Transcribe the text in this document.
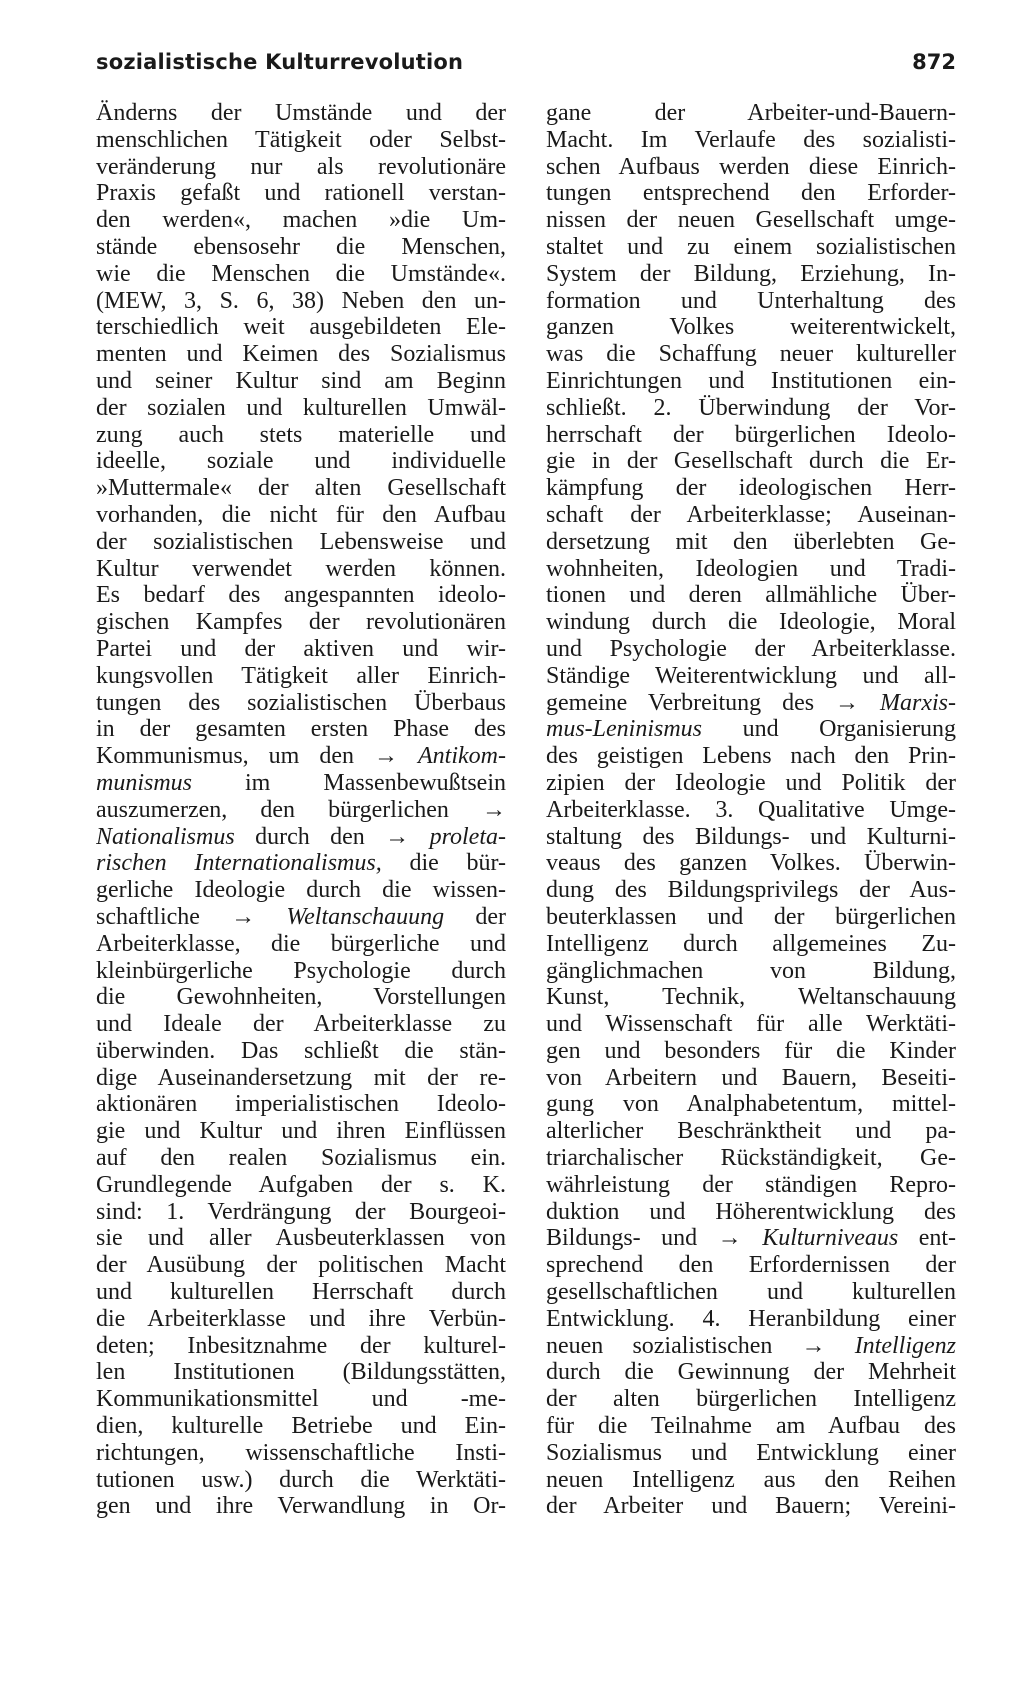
sozialistische Kulturrevolution	872
Änderns der Umstände und der
menschlichen Tätigkeit oder Selbst-
veränderung nur als revolutionäre
Praxis gefaßt und rationell verstan-
den werden«, machen »die Um-
stände ebensosehr die Menschen,
wie die Menschen die Umstände«.
(MEW, 3, S. 6, 38) Neben den un-
terschiedlich weit ausgebildeten Ele-
menten und Keimen des Sozialismus
und seiner Kultur sind am Beginn
der sozialen und kulturellen Umwäl-
zung auch stets materielle und
ideelle, soziale und individuelle
»Muttermale« der alten Gesellschaft
vorhanden, die nicht für den Aufbau
der sozialistischen Lebensweise und
Kultur verwendet werden können.
Es bedarf des angespannten ideolo-
gischen Kampfes der revolutionären
Partei und der aktiven und wir-
kungsvollen Tätigkeit aller Einrich-
tungen des sozialistischen Überbaus
in der gesamten ersten Phase des
Kommunismus, um den → Antikom-
munismus im Massenbewußtsein
auszumerzen, den bürgerlichen →
Nationalismus durch den → proleta-
rischen Internationalismus, die bür-
gerliche Ideologie durch die wissen-
schaftliche → Weltanschauung der
Arbeiterklasse, die bürgerliche und
kleinbürgerliche Psychologie durch
die Gewohnheiten, Vorstellungen
und Ideale der Arbeiterklasse zu
überwinden. Das schließt die stän-
dige Auseinandersetzung mit der re-
aktionären imperialistischen Ideolo-
gie und Kultur und ihren Einflüssen
auf den realen Sozialismus ein.
Grundlegende Aufgaben der s. K.
sind: 1. Verdrängung der Bourgeoi-
sie und aller Ausbeuterklassen von
der Ausübung der politischen Macht
und kulturellen Herrschaft durch
die Arbeiterklasse und ihre Verbün-
deten; Inbesitznahme der kulturel-
len Institutionen (Bildungsstätten,
Kommunikationsmittel und -me-
dien, kulturelle Betriebe und Ein-
richtungen, wissenschaftliche Insti-
tutionen usw.) durch die Werktäti-
gen und ihre Verwandlung in Or-
gane der Arbeiter-und-Bauern-
Macht. Im Verlaufe des sozialisti-
schen Aufbaus werden diese Einrich-
tungen entsprechend den Erforder-
nissen der neuen Gesellschaft umge-
staltet und zu einem sozialistischen
System der Bildung, Erziehung, In-
formation und Unterhaltung des
ganzen Volkes weiterentwickelt,
was die Schaffung neuer kultureller
Einrichtungen und Institutionen ein-
schließt. 2. Überwindung der Vor-
herrschaft der bürgerlichen Ideolo-
gie in der Gesellschaft durch die Er-
kämpfung der ideologischen Herr-
schaft der Arbeiterklasse; Auseinan-
dersetzung mit den überlebten Ge-
wohnheiten, Ideologien und Tradi-
tionen und deren allmähliche Über-
windung durch die Ideologie, Moral
und Psychologie der Arbeiterklasse.
Ständige Weiterentwicklung und all-
gemeine Verbreitung des → Marxis-
mus-Leninismus und Organisierung
des geistigen Lebens nach den Prin-
zipien der Ideologie und Politik der
Arbeiterklasse. 3. Qualitative Umge-
staltung des Bildungs- und Kulturni-
veaus des ganzen Volkes. Überwin-
dung des Bildungsprivilegs der Aus-
beuterklassen und der bürgerlichen
Intelligenz durch allgemeines Zu-
gänglichmachen von Bildung,
Kunst, Technik, Weltanschauung
und Wissenschaft für alle Werktäti-
gen und besonders für die Kinder
von Arbeitern und Bauern, Beseiti-
gung von Analphabetentum, mittel-
alterlicher Beschränktheit und pa-
triarchalischer Rückständigkeit, Ge-
währleistung der ständigen Repro-
duktion und Höherentwicklung des
Bildungs- und → Kulturniveaus ent-
sprechend den Erfordernissen der
gesellschaftlichen und kulturellen
Entwicklung. 4. Heranbildung einer
neuen sozialistischen → Intelligenz
durch die Gewinnung der Mehrheit
der alten bürgerlichen Intelligenz
für die Teilnahme am Aufbau des
Sozialismus und Entwicklung einer
neuen Intelligenz aus den Reihen
der Arbeiter und Bauern; Vereini-
